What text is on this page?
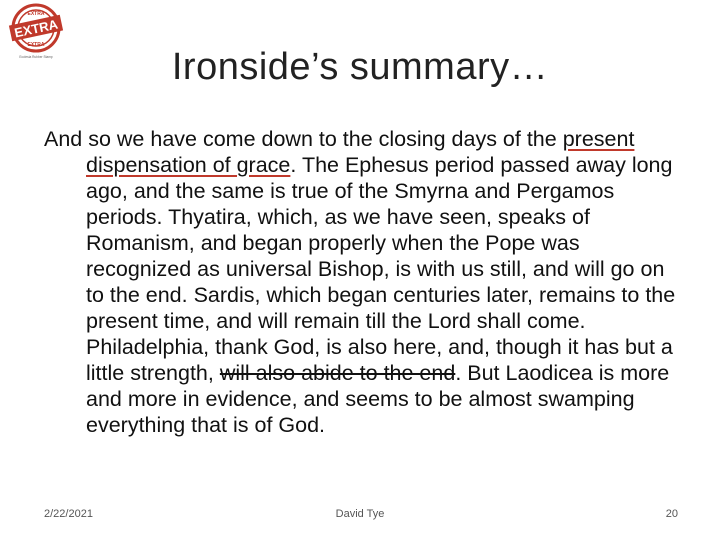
EXTRA
EXTRA
EXTRA
Ecclesia Rubber Stamp	Ironside’s summary…

And so we have come down to the closing days of the present dispensation of grace. The Ephesus period passed away long ago, and the same is true of the Smyrna and Pergamos periods. Thyatira, which, as we have seen, speaks of Romanism, and began properly when the Pope was recognized as universal Bishop, is with us still, and will go on to the end. Sardis, which began centuries later, remains to the present time, and will remain till the Lord shall come. Philadelphia, thank God, is also here, and, though it has but a little strength, will also abide to the end. But Laodicea is more and more in evidence, and seems to be almost swamping everything that is of God.

2/22/2021	David Tye	20
